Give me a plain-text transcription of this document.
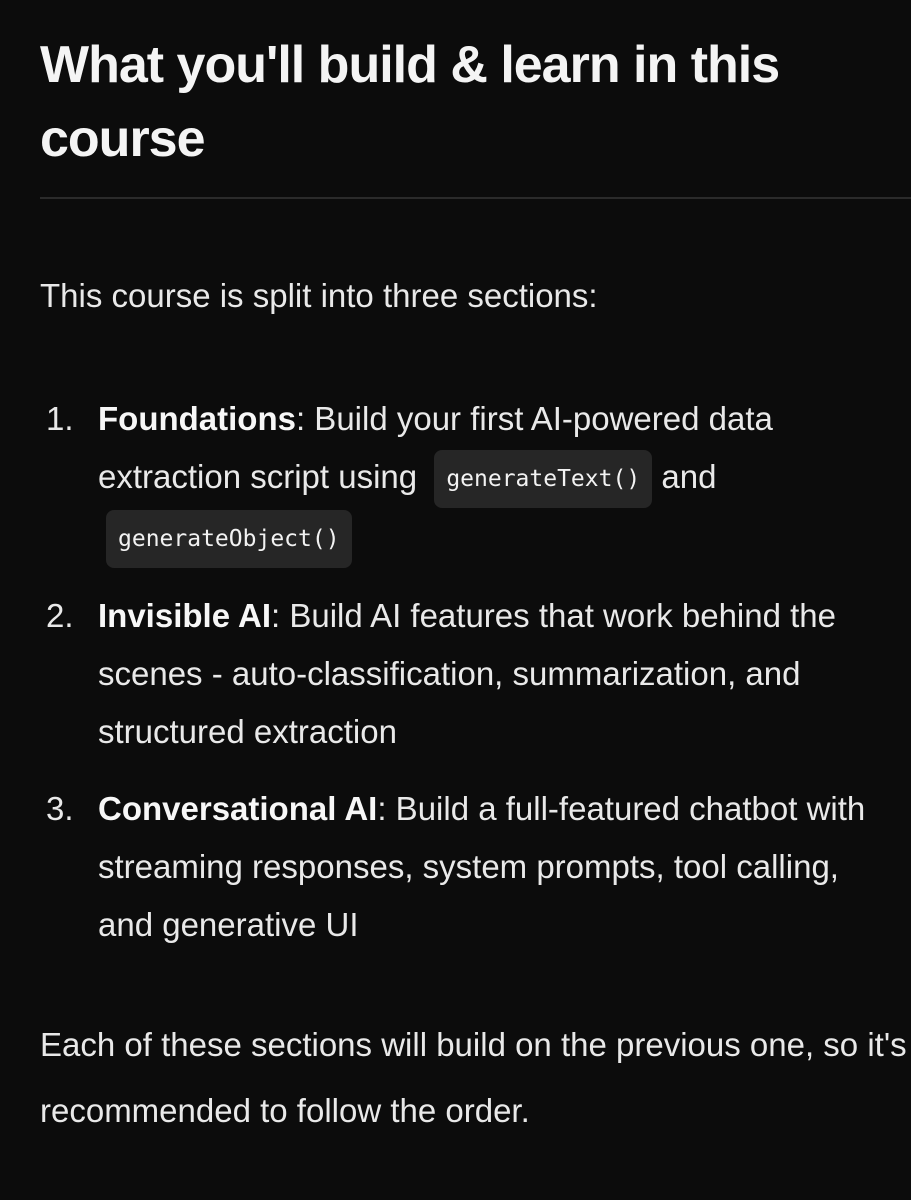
What you'll build & learn in this course

This course is split into three sections:

1. Foundations: Build your first AI-powered data extraction script using generateText() and generateObject()
2. Invisible AI: Build AI features that work behind the scenes - auto-classification, summarization, and structured extraction
3. Conversational AI: Build a full-featured chatbot with streaming responses, system prompts, tool calling, and generative UI

Each of these sections will build on the previous one, so it's recommended to follow the order.
